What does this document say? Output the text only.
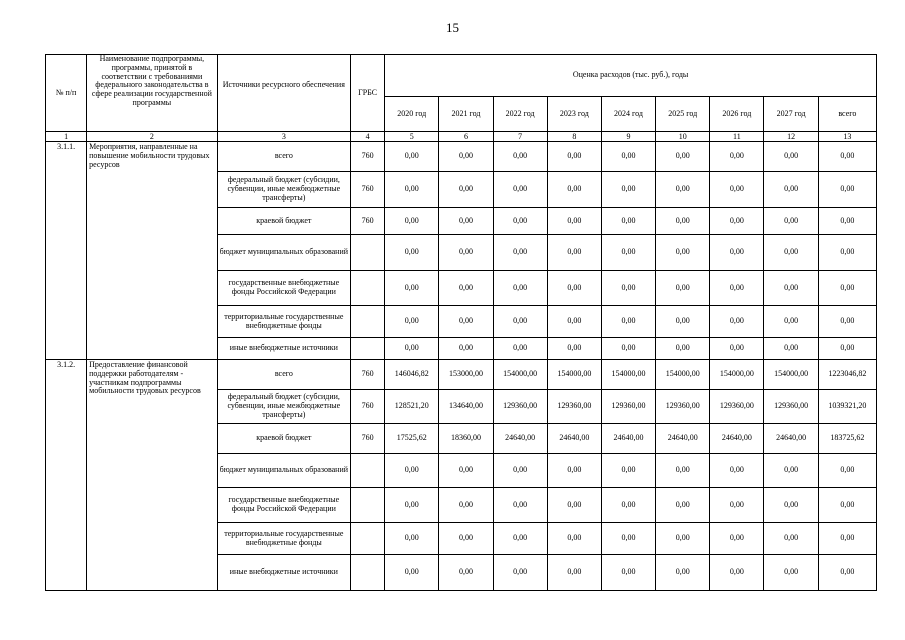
15
№ п/п	Наименование подпрограммы, программы, принятой в соответствии с требованиями федерального законодательства в сфере реализации государственной программы	Источники ресурсного обеспечения	ГРБС	Оценка расходов (тыс. руб.), годы								
				2020 год	2021 год	2022 год	2023 год	2024 год	2025 год	2026 год	2027 год	всего
1	2	3	4	5	6	7	8	9	10	11	12	13
3.1.1.	Мероприятия, направленные на повышение мобильности трудовых ресурсов	всего	760	0,00	0,00	0,00	0,00	0,00	0,00	0,00	0,00	0,00
		федеральный бюджет (субсидии, субвенции, иные межбюджетные трансферты)	760	0,00	0,00	0,00	0,00	0,00	0,00	0,00	0,00	0,00
		краевой бюджет	760	0,00	0,00	0,00	0,00	0,00	0,00	0,00	0,00	0,00
		бюджет муниципальных образований		0,00	0,00	0,00	0,00	0,00	0,00	0,00	0,00	0,00
		государственные внебюджетные фонды Российской Федерации		0,00	0,00	0,00	0,00	0,00	0,00	0,00	0,00	0,00
		территориальные государственные внебюджетные фонды		0,00	0,00	0,00	0,00	0,00	0,00	0,00	0,00	0,00
		иные внебюджетные источники		0,00	0,00	0,00	0,00	0,00	0,00	0,00	0,00	0,00
3.1.2.	Предоставление финансовой поддержки работодателям - участникам подпрограммы мобильности трудовых ресурсов	всего	760	146046,82	153000,00	154000,00	154000,00	154000,00	154000,00	154000,00	154000,00	1223046,82
		федеральный бюджет (субсидии, субвенции, иные межбюджетные трансферты)	760	128521,20	134640,00	129360,00	129360,00	129360,00	129360,00	129360,00	129360,00	1039321,20
		краевой бюджет	760	17525,62	18360,00	24640,00	24640,00	24640,00	24640,00	24640,00	24640,00	183725,62
		бюджет муниципальных образований		0,00	0,00	0,00	0,00	0,00	0,00	0,00	0,00	0,00
		государственные внебюджетные фонды Российской Федерации		0,00	0,00	0,00	0,00	0,00	0,00	0,00	0,00	0,00
		территориальные государственные внебюджетные фонды		0,00	0,00	0,00	0,00	0,00	0,00	0,00	0,00	0,00
		иные внебюджетные источники		0,00	0,00	0,00	0,00	0,00	0,00	0,00	0,00	0,00
